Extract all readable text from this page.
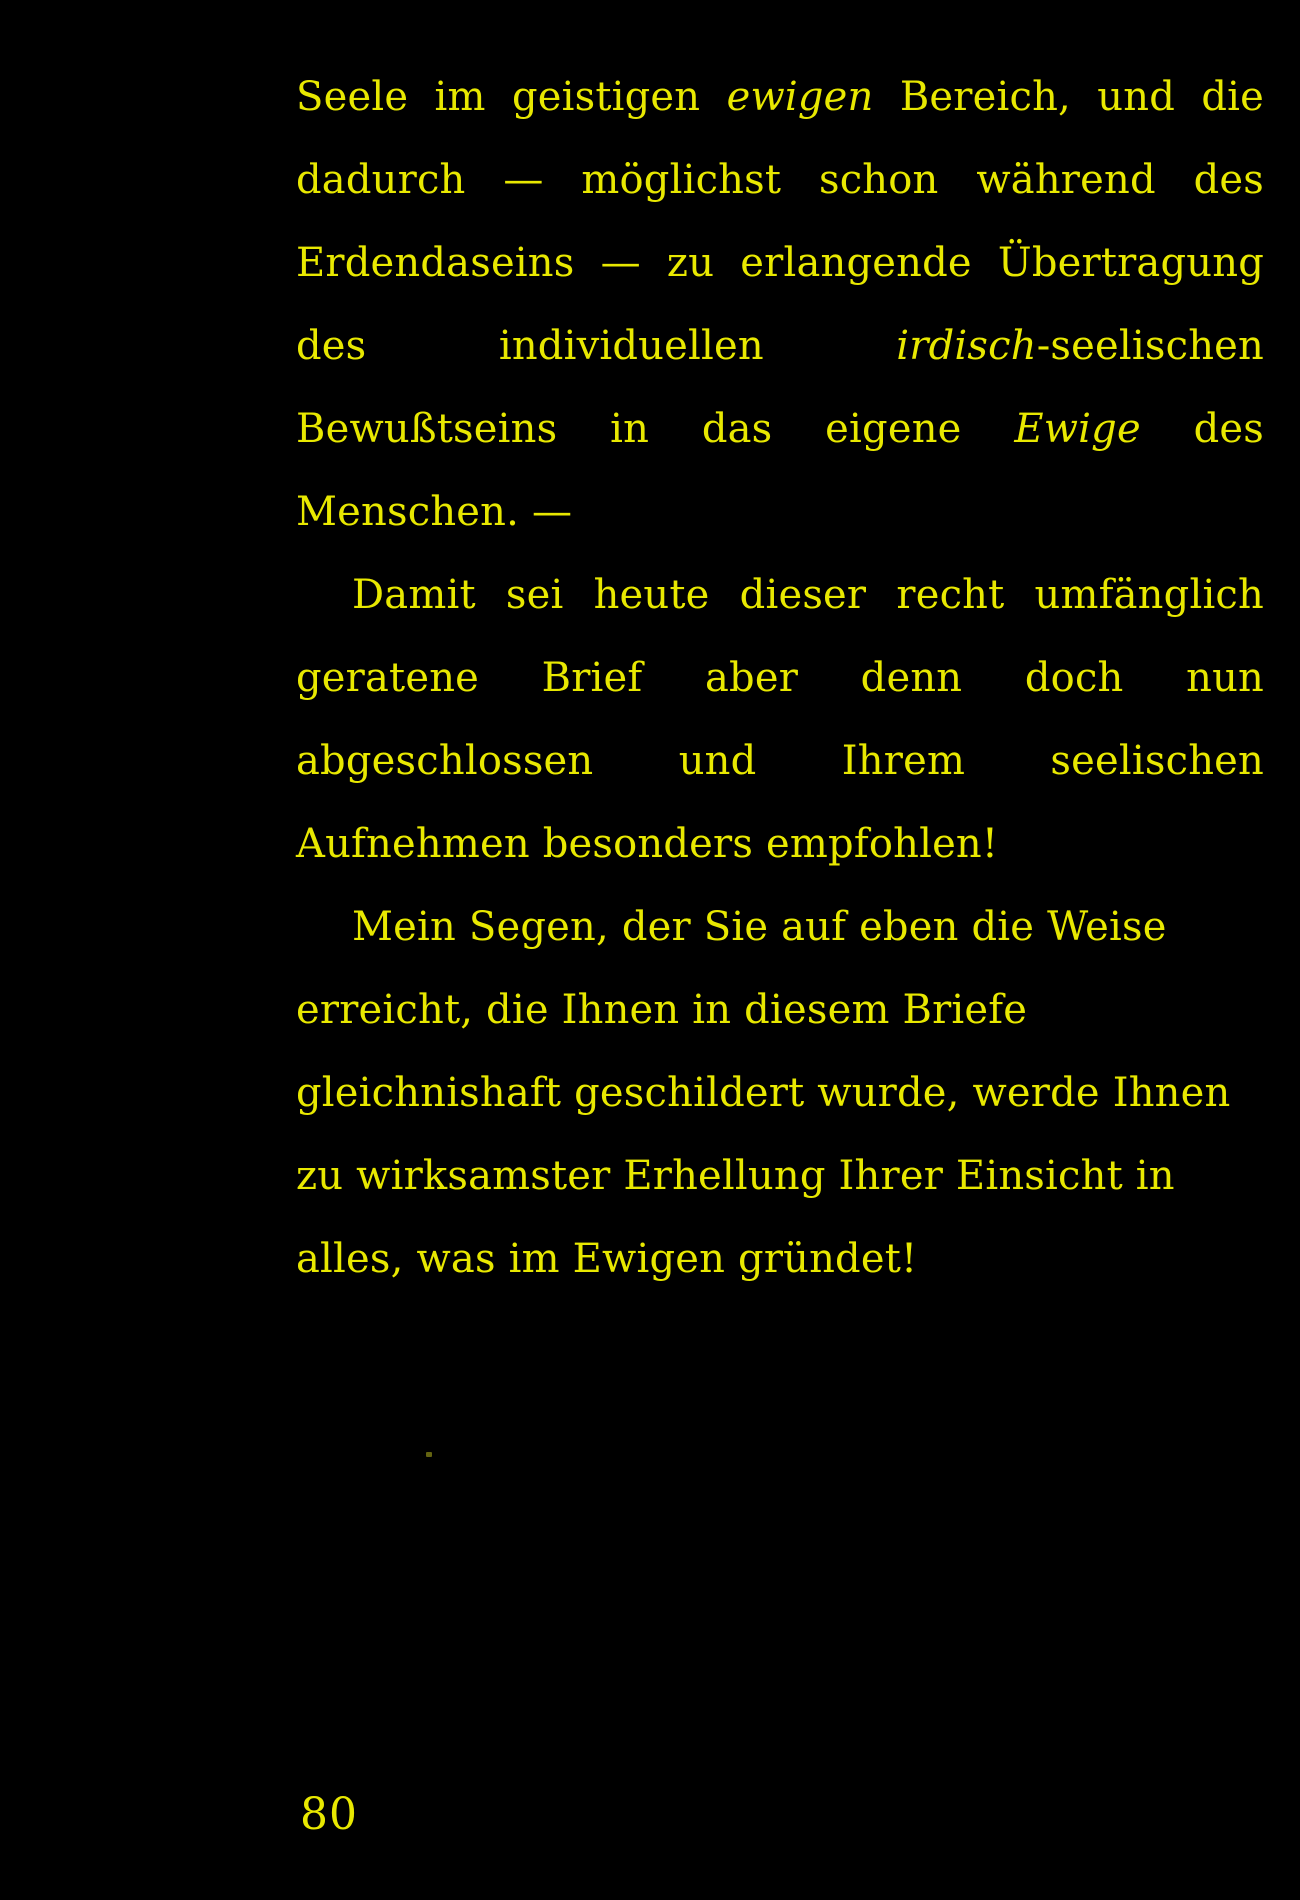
Seele im geistigen ewigen Bereich, und die dadurch — möglichst schon während des Erdendaseins — zu erlangende Übertragung des individuellen irdisch-seelischen Bewußtseins in das eigene Ewige des Menschen. —

Damit sei heute dieser recht umfänglich geratene Brief aber denn doch nun abgeschlossen und Ihrem seelischen Aufnehmen besonders empfohlen!

Mein Segen, der Sie auf eben die Weise erreicht, die Ihnen in diesem Briefe gleichnishaft geschildert wurde, werde Ihnen zu wirksamster Erhellung Ihrer Einsicht in alles, was im Ewigen gründet!

80
